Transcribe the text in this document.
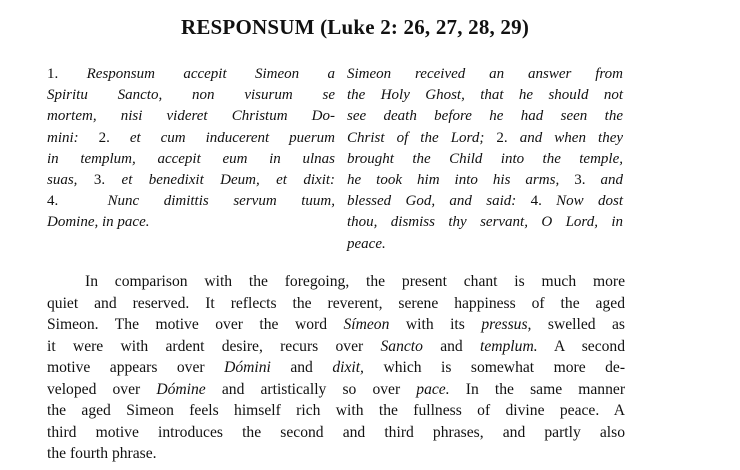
RESPONSUM (Luke 2: 26, 27, 28, 29)
1. Responsum accepit Simeon a
Spiritu Sancto, non visurum se
mortem, nisi videret Christum Do-
mini: 2. et cum inducerent puerum
in templum, accepit eum in ulnas
suas, 3. et benedixit Deum, et dixit:
4.	Nunc dimittis servum tuum,
Domine, in pace.
Simeon received an answer from
the Holy Ghost, that he should not
see death before he had seen the
Christ of the Lord; 2. and when they
brought the Child into the temple,
he took him into his arms, 3. and
blessed God, and said: 4. Now dost
thou, dismiss thy servant, O Lord, in
peace.
In comparison with the foregoing, the present chant is much more
quiet and reserved. It reflects the reverent, serene happiness of the aged
Simeon. The motive over the word Símeon with its pressus, swelled as
it were with ardent desire, recurs over Sancto and templum. A second
motive appears over Dómini and dixit, which is somewhat more de-
veloped over Dómine and artistically so over pace. In the same manner
the aged Simeon feels himself rich with the fullness of divine peace. A
third motive introduces the second and third phrases, and partly also
the fourth phrase.
